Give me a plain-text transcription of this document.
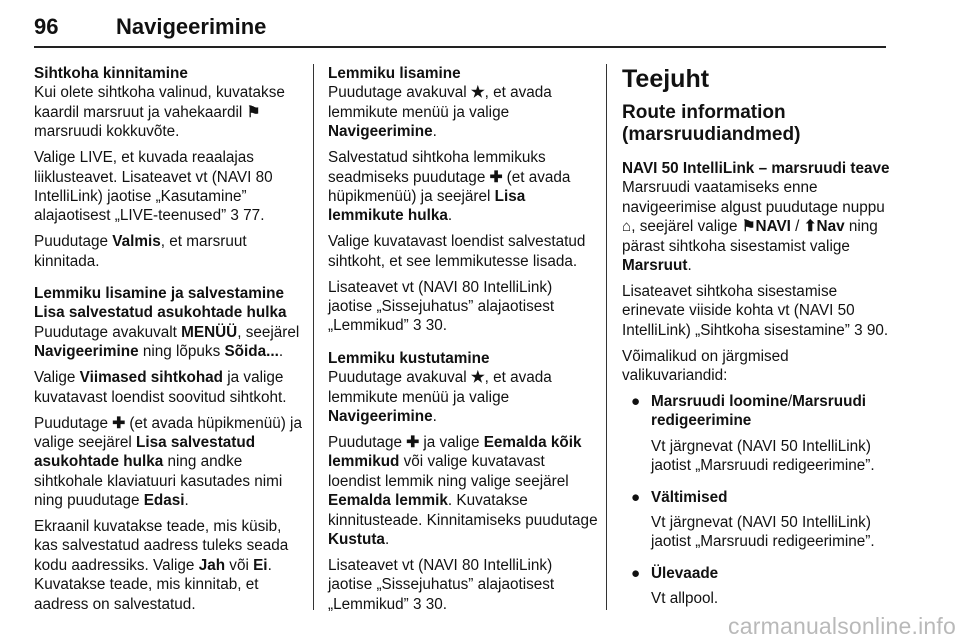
96	Navigeerimine

Sihtkoha kinnitamine

Kui olete sihtkoha valinud, kuvatakse kaardil marsruut ja vahekaardil ⚑ marsruudi kokkuvõte.

Valige LIVE, et kuvada reaalajas liiklusteavet. Lisateavet vt (NAVI 80 IntelliLink) jaotise „Kasutamine” alajaotisest „LIVE-teenused” 3 77.

Puudutage Valmis, et marsruut kinnitada.

Lemmiku lisamine ja salvestamine

Lisa salvestatud asukohtade hulka

Puudutage avakuvalt MENÜÜ, seejärel Navigeerimine ning lõpuks Sõida....

Valige Viimased sihtkohad ja valige kuvatavast loendist soovitud sihtkoht.

Puudutage ✚ (et avada hüpikmenüü) ja valige seejärel Lisa salvestatud asukohtade hulka ning andke sihtkohale klaviatuuri kasutades nimi ning puudutage Edasi.

Ekraanil kuvatakse teade, mis küsib, kas salvestatud aadress tuleks seada kodu aadressiks. Valige Jah või Ei. Kuvatakse teade, mis kinnitab, et aadress on salvestatud.

Lemmiku lisamine

Puudutage avakuval ★, et avada lemmikute menüü ja valige Navigeerimine.

Salvestatud sihtkoha lemmikuks seadmiseks puudutage ✚ (et avada hüpikmenüü) ja seejärel Lisa lemmikute hulka.

Valige kuvatavast loendist salvestatud sihtkoht, et see lemmikutesse lisada.

Lisateavet vt (NAVI 80 IntelliLink) jaotise „Sissejuhatus” alajaotisest „Lemmikud” 3 30.

Lemmiku kustutamine

Puudutage avakuval ★, et avada lemmikute menüü ja valige Navigeerimine.

Puudutage ✚ ja valige Eemalda kõik lemmikud või valige kuvatavast loendist lemmik ning valige seejärel Eemalda lemmik. Kuvatakse kinnitusteade. Kinnitamiseks puudutage Kustuta.

Lisateavet vt (NAVI 80 IntelliLink) jaotise „Sissejuhatus” alajaotisest „Lemmikud” 3 30.

Teejuht

Route information (marsruudiandmed)

NAVI 50 IntelliLink – marsruudi teave

Marsruudi vaatamiseks enne navigeerimise algust puudutage nuppu ⌂, seejärel valige ⚑NAVI / ⬆Nav ning pärast sihtkoha sisestamist valige Marsruut.

Lisateavet sihtkoha sisestamise erinevate viiside kohta vt (NAVI 50 IntelliLink) „Sihtkoha sisestamine” 3 90.

Võimalikud on järgmised valikuvariandid:

● Marsruudi loomine/Marsruudi redigeerimine
Vt järgnevat (NAVI 50 IntelliLink) jaotist „Marsruudi redigeerimine”.
● Vältimised
Vt järgnevat (NAVI 50 IntelliLink) jaotist „Marsruudi redigeerimine”.
● Ülevaade
Vt allpool.
carmanualsonline.info
